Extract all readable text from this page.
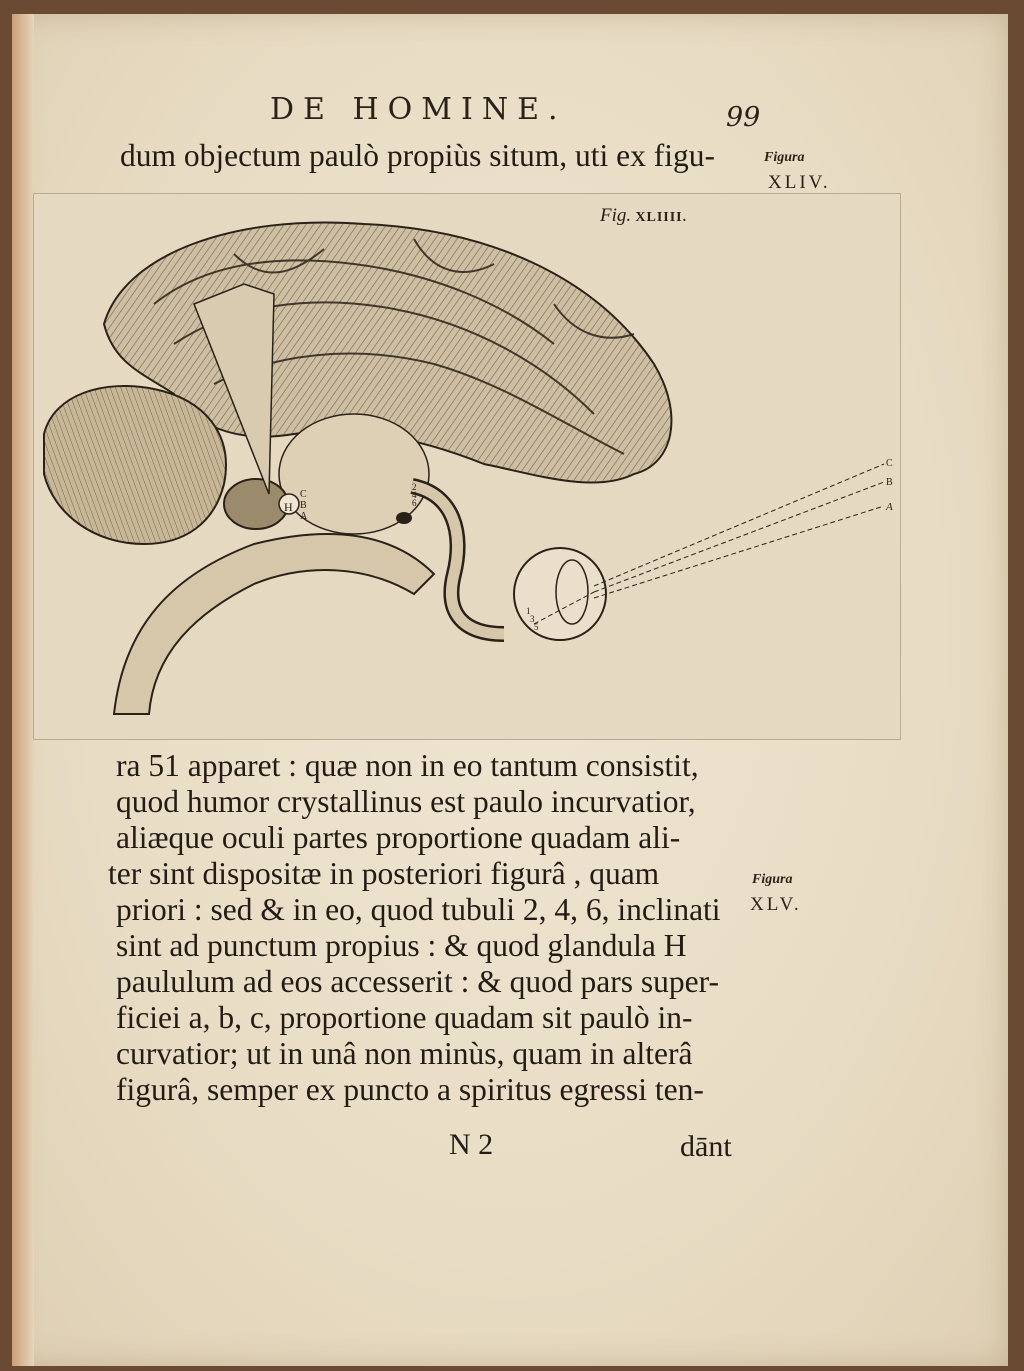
DE HOMINE.	99
dum objectum paulò propiùs situm, uti ex figu-	Figura
XLIV.
H
C
B
A
2
4
6
1
3
5
C
B
A
Fig. XLIIII.
ra 51 apparet : quæ non in eo tantum consistit,
quod humor crystallinus est paulo incurvatior,
aliæque oculi partes proportione quadam ali-
ter sint dispositæ in posteriori figurâ , quam
priori : sed & in eo, quod tubuli 2, 4, 6, inclinati
sint ad punctum propius : & quod glandula H
paululum ad eos accesserit : & quod pars super-
ficiei a, b, c, proportione quadam sit paulò in-
curvatior; ut in unâ non minùs, quam in alterâ
figurâ, semper ex puncto a spiritus egressi ten-
Figura
XLV.
N 2	dānt
